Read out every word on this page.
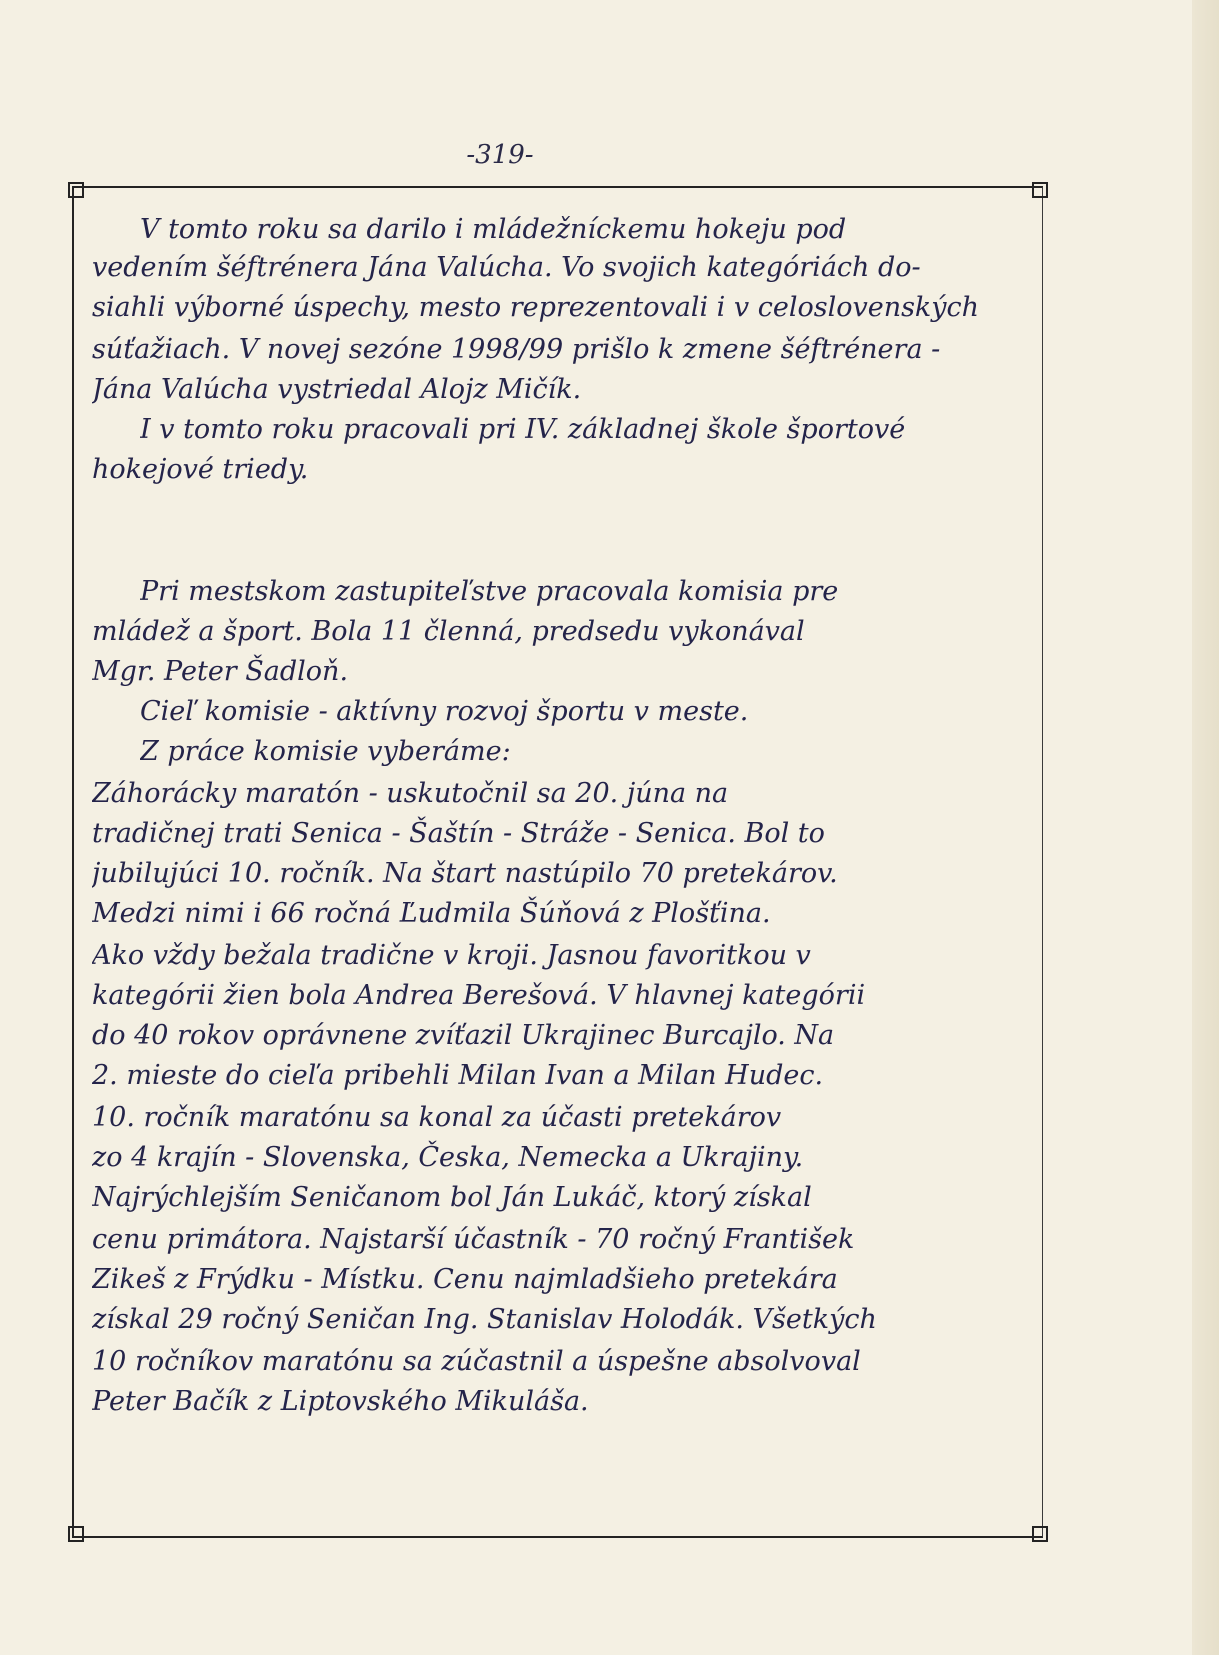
-319-
V tomto roku sa darilo i mládežníckemu hokeju pod
vedením šéftrénera Jána Valúcha. Vo svojich kategóriách do-
siahli výborné úspechy, mesto reprezentovali i v celoslovenských
súťažiach. V novej sezóne 1998/99 prišlo k zmene šéftrénera -
Jána Valúcha vystriedal Alojz Mičík.
I v tomto roku pracovali pri IV. základnej škole športové
hokejové triedy.
Pri mestskom zastupiteľstve pracovala komisia pre
mládež a šport. Bola 11 členná, predsedu vykonával
Mgr. Peter Šadloň.
Cieľ komisie - aktívny rozvoj športu v meste.
Z práce komisie vyberáme:
Záhorácky maratón - uskutočnil sa 20. júna na
tradičnej trati Senica - Šaštín - Stráže - Senica. Bol to
jubilujúci 10. ročník. Na štart nastúpilo 70 pretekárov.
Medzi nimi i 66 ročná Ľudmila Šúňová z Plošťina.
Ako vždy bežala tradične v kroji. Jasnou favoritkou v
kategórii žien bola Andrea Berešová. V hlavnej kategórii
do 40 rokov oprávnene zvíťazil Ukrajinec Burcajlo. Na
2. mieste do cieľa pribehli Milan Ivan a Milan Hudec.
10. ročník maratónu sa konal za účasti pretekárov
zo 4 krajín - Slovenska, Česka, Nemecka a Ukrajiny.
Najrýchlejším Seničanom bol Ján Lukáč, ktorý získal
cenu primátora. Najstarší účastník - 70 ročný František
Zikeš z Frýdku - Místku. Cenu najmladšieho pretekára
získal 29 ročný Seničan Ing. Stanislav Holodák. Všetkých
10 ročníkov maratónu sa zúčastnil a úspešne absolvoval
Peter Bačík z Liptovského Mikuláša.
